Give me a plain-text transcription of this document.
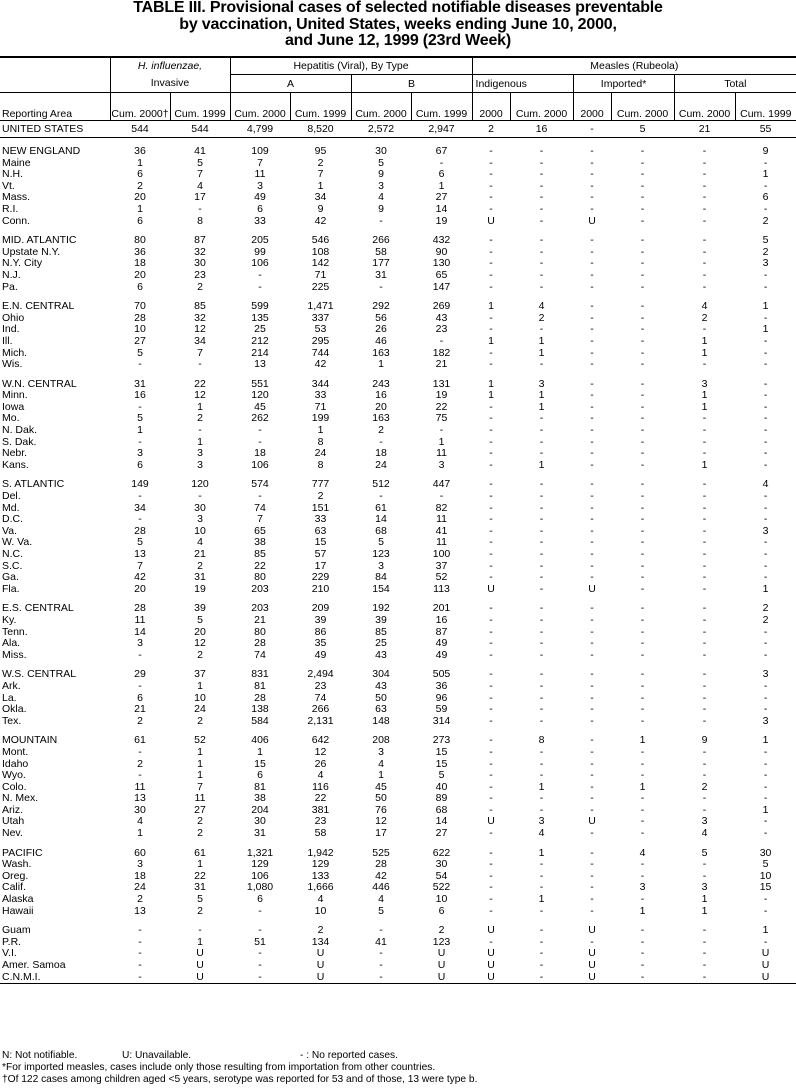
TABLE III. Provisional cases of selected notifiable diseases preventable
by vaccination, United States, weeks ending June 10, 2000,
and June 12, 1999 (23rd Week)
	H. influenzae,		Hepatitis (Viral), By Type				Measles (Rubeola)					
	Invasive		A		B		Indigenous		Imported*		Total	
Reporting Area	Cum. 2000†	Cum. 1999	Cum. 2000	Cum. 1999	Cum. 2000	Cum. 1999	2000	Cum. 2000	2000	Cum. 2000	Cum. 2000	Cum. 1999
UNITED STATES	544	544	4,799	8,520	2,572	2,947	2	16	-	5	21	55

NEW ENGLAND	36	41	109	95	30	67	-	-	-	-	-	9
Maine	1	5	7	2	5	-	-	-	-	-	-	-
N.H.	6	7	11	7	9	6	-	-	-	-	-	1
Vt.	2	4	3	1	3	1	-	-	-	-	-	-
Mass.	20	17	49	34	4	27	-	-	-	-	-	6
R.I.	1	-	6	9	9	14	-	-	-	-	-	-
Conn.	6	8	33	42	-	19	U	-	U	-	-	2

MID. ATLANTIC	80	87	205	546	266	432	-	-	-	-	-	5
Upstate N.Y.	36	32	99	108	58	90	-	-	-	-	-	2
N.Y. City	18	30	106	142	177	130	-	-	-	-	-	3
N.J.	20	23	-	71	31	65	-	-	-	-	-	-
Pa.	6	2	-	225	-	147	-	-	-	-	-	-

E.N. CENTRAL	70	85	599	1,471	292	269	1	4	-	-	4	1
Ohio	28	32	135	337	56	43	-	2	-	-	2	-
Ind.	10	12	25	53	26	23	-	-	-	-	-	1
Ill.	27	34	212	295	46	-	1	1	-	-	1	-
Mich.	5	7	214	744	163	182	-	1	-	-	1	-
Wis.	-	-	13	42	1	21	-	-	-	-	-	-

W.N. CENTRAL	31	22	551	344	243	131	1	3	-	-	3	-
Minn.	16	12	120	33	16	19	1	1	-	-	1	-
Iowa	-	1	45	71	20	22	-	1	-	-	1	-
Mo.	5	2	262	199	163	75	-	-	-	-	-	-
N. Dak.	1	-	-	1	2	-	-	-	-	-	-	-
S. Dak.	-	1	-	8	-	1	-	-	-	-	-	-
Nebr.	3	3	18	24	18	11	-	-	-	-	-	-
Kans.	6	3	106	8	24	3	-	1	-	-	1	-

S. ATLANTIC	149	120	574	777	512	447	-	-	-	-	-	4
Del.	-	-	-	2	-	-	-	-	-	-	-	-
Md.	34	30	74	151	61	82	-	-	-	-	-	-
D.C.	-	3	7	33	14	11	-	-	-	-	-	-
Va.	28	10	65	63	68	41	-	-	-	-	-	3
W. Va.	5	4	38	15	5	11	-	-	-	-	-	-
N.C.	13	21	85	57	123	100	-	-	-	-	-	-
S.C.	7	2	22	17	3	37	-	-	-	-	-	-
Ga.	42	31	80	229	84	52	-	-	-	-	-	-
Fla.	20	19	203	210	154	113	U	-	U	-	-	1

E.S. CENTRAL	28	39	203	209	192	201	-	-	-	-	-	2
Ky.	11	5	21	39	39	16	-	-	-	-	-	2
Tenn.	14	20	80	86	85	87	-	-	-	-	-	-
Ala.	3	12	28	35	25	49	-	-	-	-	-	-
Miss.	-	2	74	49	43	49	-	-	-	-	-	-

W.S. CENTRAL	29	37	831	2,494	304	505	-	-	-	-	-	3
Ark.	-	1	81	23	43	36	-	-	-	-	-	-
La.	6	10	28	74	50	96	-	-	-	-	-	-
Okla.	21	24	138	266	63	59	-	-	-	-	-	-
Tex.	2	2	584	2,131	148	314	-	-	-	-	-	3

MOUNTAIN	61	52	406	642	208	273	-	8	-	1	9	1
Mont.	-	1	1	12	3	15	-	-	-	-	-	-
Idaho	2	1	15	26	4	15	-	-	-	-	-	-
Wyo.	-	1	6	4	1	5	-	-	-	-	-	-
Colo.	11	7	81	116	45	40	-	1	-	1	2	-
N. Mex.	13	11	38	22	50	89	-	-	-	-	-	-
Ariz.	30	27	204	381	76	68	-	-	-	-	-	1
Utah	4	2	30	23	12	14	U	3	U	-	3	-
Nev.	1	2	31	58	17	27	-	4	-	-	4	-

PACIFIC	60	61	1,321	1,942	525	622	-	1	-	4	5	30
Wash.	3	1	129	129	28	30	-	-	-	-	-	5
Oreg.	18	22	106	133	42	54	-	-	-	-	-	10
Calif.	24	31	1,080	1,666	446	522	-	-	-	3	3	15
Alaska	2	5	6	4	4	10	-	1	-	-	1	-
Hawaii	13	2	-	10	5	6	-	-	-	1	1	-

Guam	-	-	-	2	-	2	U	-	U	-	-	1
P.R.	-	1	51	134	41	123	-	-	-	-	-	-
V.I.	-	U	-	U	-	U	U	-	U	-	-	U
Amer. Samoa	-	U	-	U	-	U	U	-	U	-	-	U
C.N.M.I.	-	U	-	U	-	U	U	-	U	-	-	U
N: Not notifiable.	U: Unavailable.	- : No reported cases.
*For imported measles, cases include only those resulting from importation from other countries.
†Of 122 cases among children aged <5 years, serotype was reported for 53 and of those, 13 were type b.
